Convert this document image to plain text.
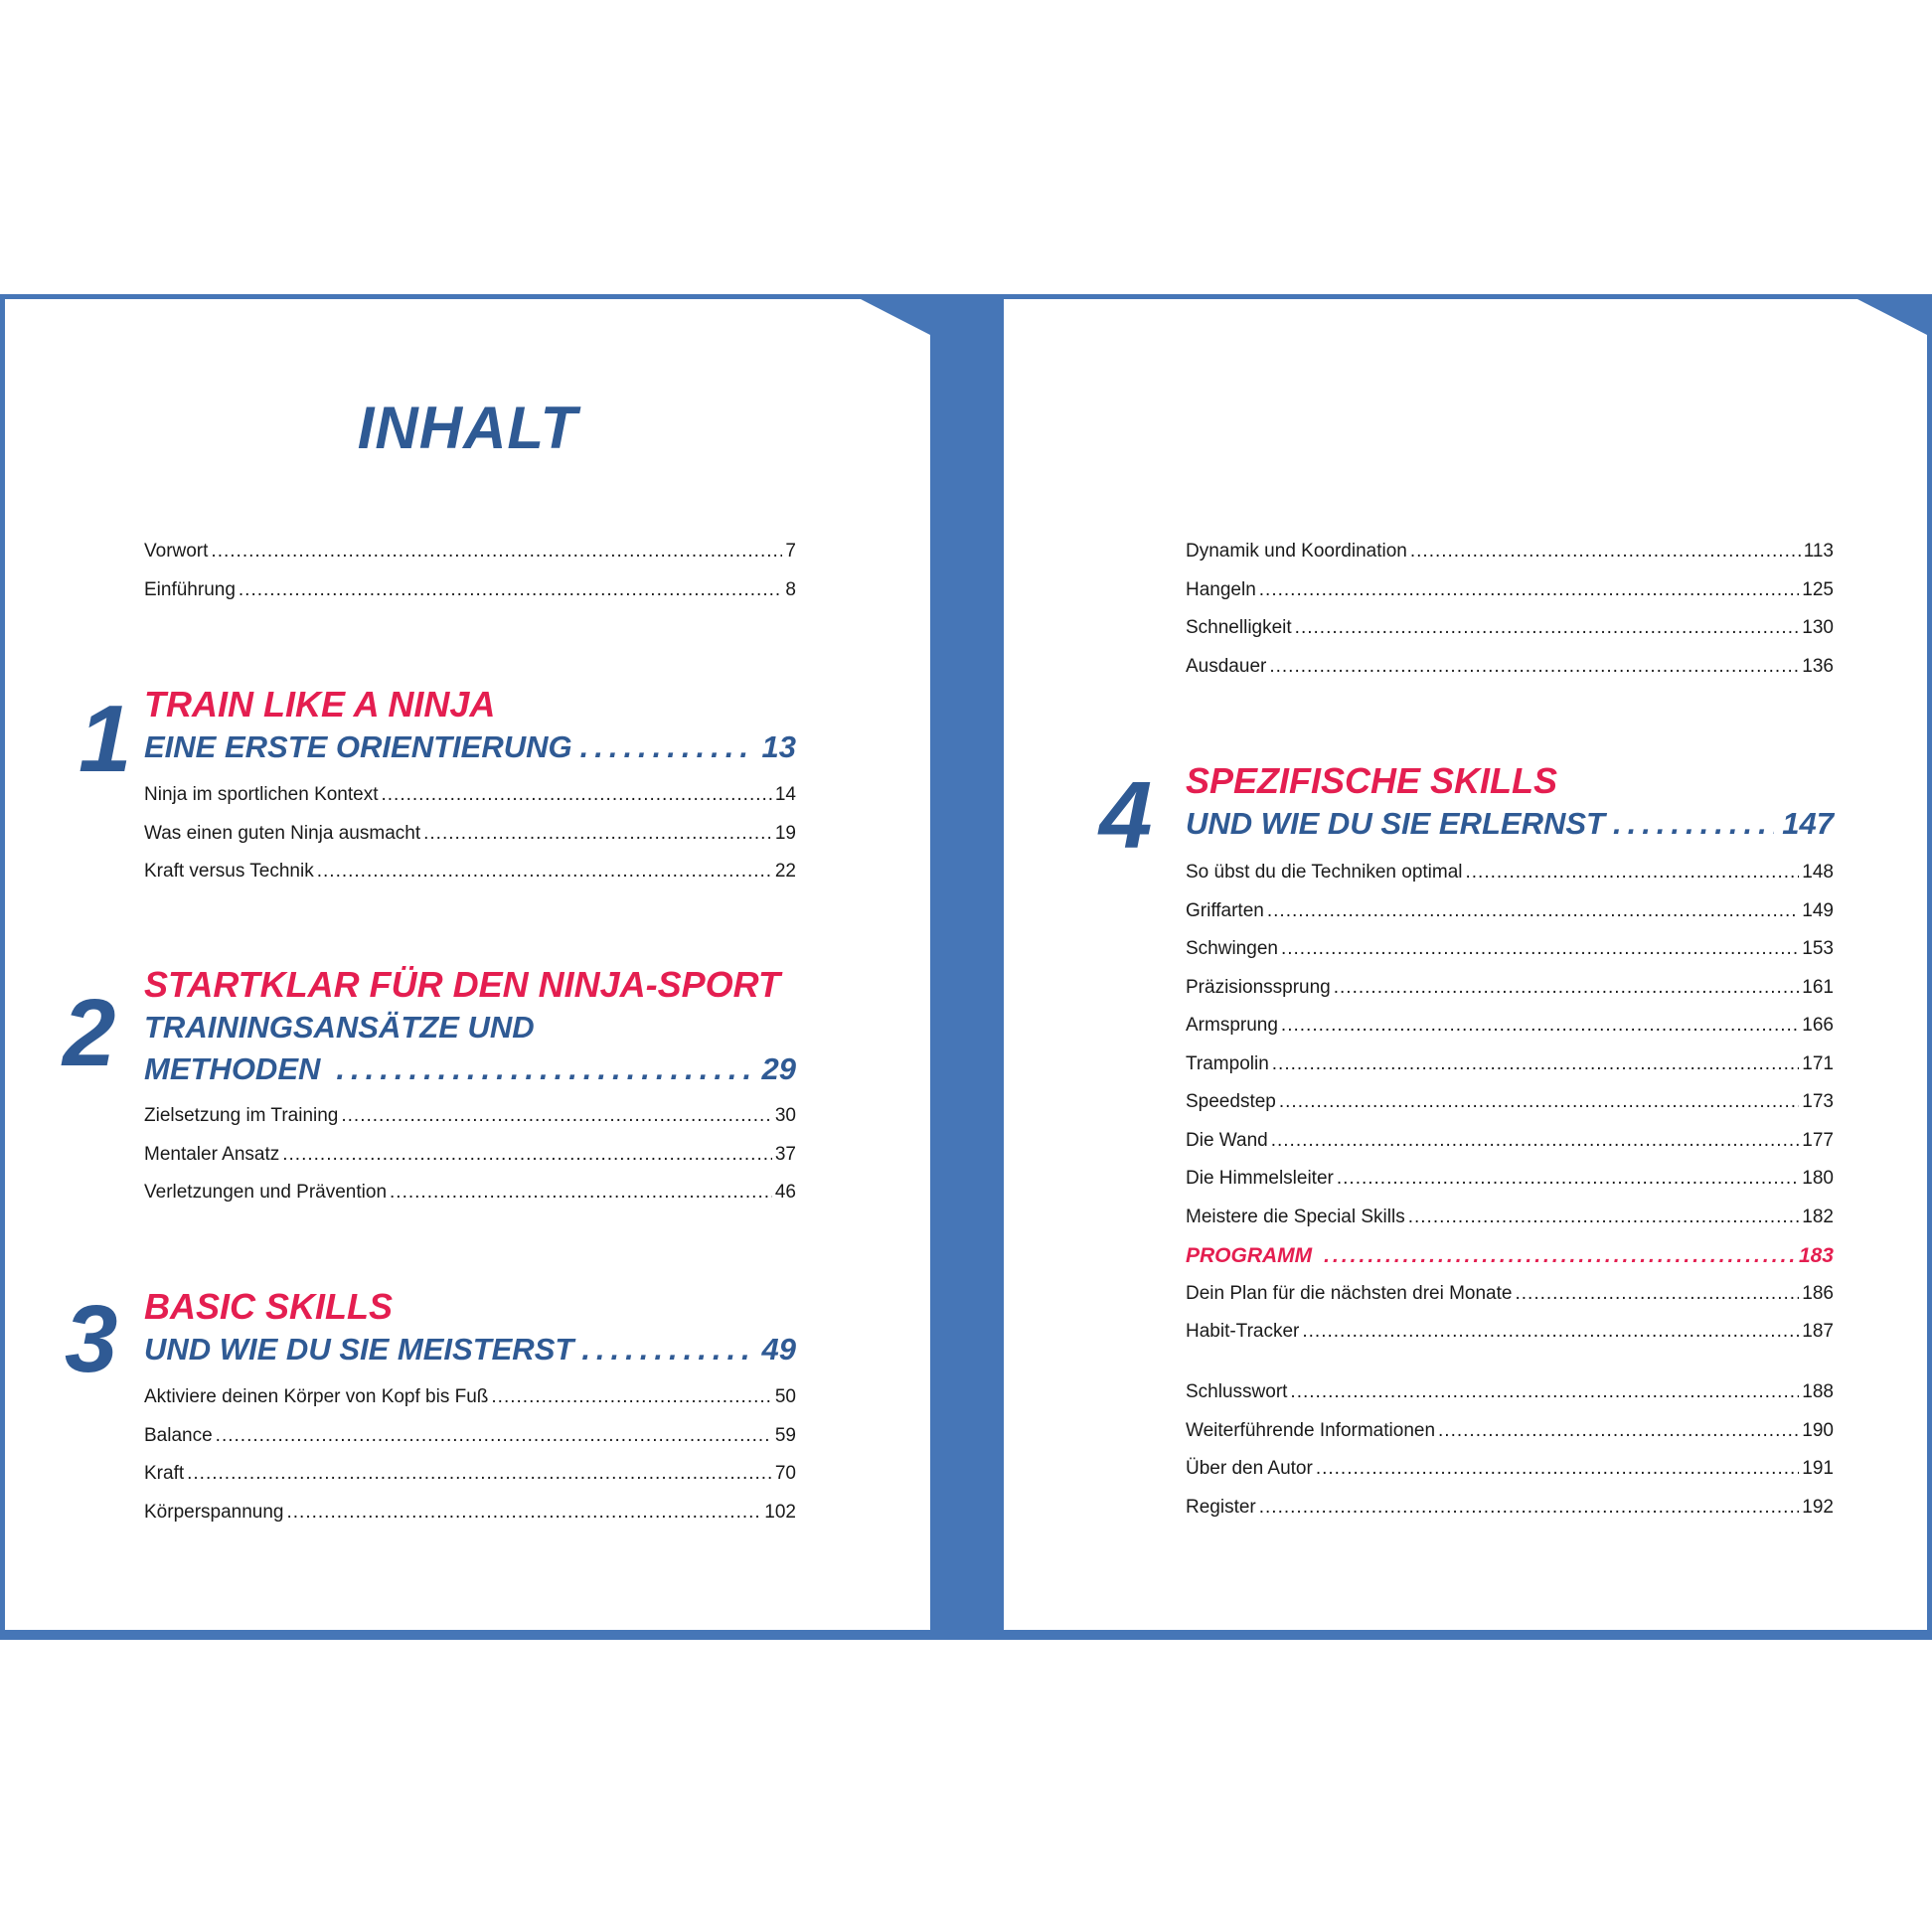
INHALT
Vorwort .....	7
Einführung .....	8
1 TRAIN LIKE A NINJA
EINE ERSTE ORIENTIERUNG .....	13
Ninja im sportlichen Kontext .....	14
Was einen guten Ninja ausmacht .....	19
Kraft versus Technik .....	22
2 STARTKLAR FÜR DEN NINJA-SPORT
TRAININGSANSÄTZE UND
METHODEN .....	29
Zielsetzung im Training .....	30
Mentaler Ansatz .....	37
Verletzungen und Prävention .....	46
3 BASIC SKILLS
UND WIE DU SIE MEISTERST .....	49
Aktiviere deinen Körper von Kopf bis Fuß .....	50
Balance .....	59
Kraft .....	70
Körperspannung .....	102
Dynamik und Koordination .....	113
Hangeln .....	125
Schnelligkeit .....	130
Ausdauer .....	136
4 SPEZIFISCHE SKILLS
UND WIE DU SIE ERLERNST .....	147
So übst du die Techniken optimal .....	148
Griffarten .....	149
Schwingen .....	153
Präzisionssprung .....	161
Armsprung .....	166
Trampolin .....	171
Speedstep .....	173
Die Wand .....	177
Die Himmelsleiter .....	180
Meistere die Special Skills .....	182
PROGRAMM .....	183
Dein Plan für die nächsten drei Monate .....	186
Habit-Tracker .....	187
Schlusswort .....	188
Weiterführende Informationen .....	190
Über den Autor .....	191
Register .....	192
